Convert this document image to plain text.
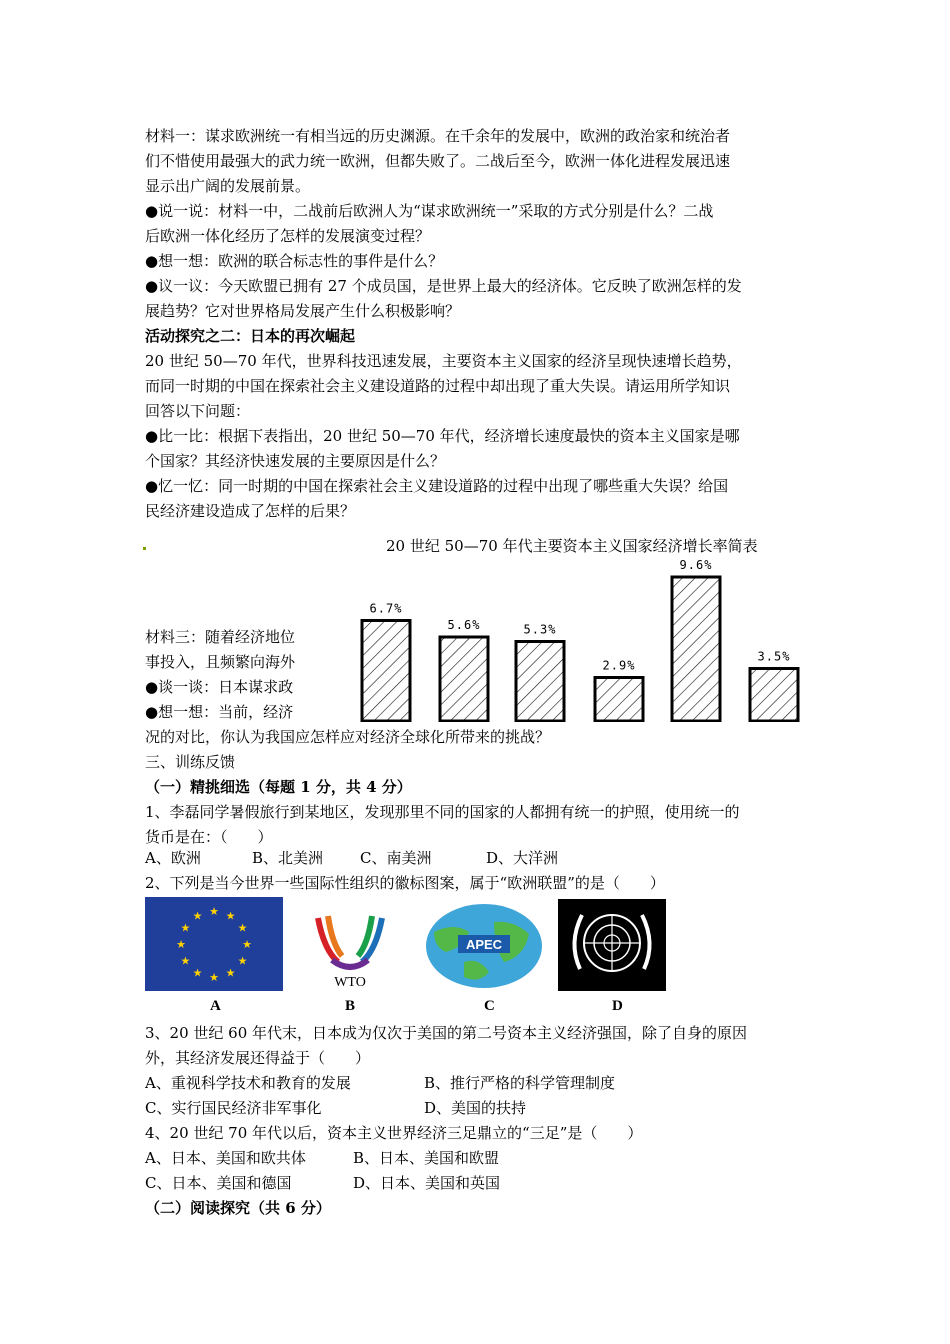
材料一：谋求欧洲统一有相当远的历史渊源。在千余年的发展中，欧洲的政治家和统治者
们不惜使用最强大的武力统一欧洲，但都失败了。二战后至今，欧洲一体化进程发展迅速
显示出广阔的发展前景。
●说一说：材料一中，二战前后欧洲人为“谋求欧洲统一”采取的方式分别是什么？二战
后欧洲一体化经历了怎样的发展演变过程？
●想一想：欧洲的联合标志性的事件是什么？
●议一议：今天欧盟已拥有 27 个成员国，是世界上最大的经济体。它反映了欧洲怎样的发
展趋势？它对世界格局发展产生什么积极影响？
活动探究之二：日本的再次崛起
20 世纪 50—70 年代，世界科技迅速发展，主要资本主义国家的经济呈现快速增长趋势，
而同一时期的中国在探索社会主义建设道路的过程中却出现了重大失误。请运用所学知识
回答以下问题：
●比一比：根据下表指出，20 世纪 50—70 年代，经济增长速度最快的资本主义国家是哪
个国家？其经济快速发展的主要原因是什么？
●忆一忆：同一时期的中国在探索社会主义建设道路的过程中出现了哪些重大失误？给国
民经济建设造成了怎样的后果？
材料三：随着经济地位
事投入，且频繁向海外
●谈一谈：日本谋求政
●想一想：当前，经济
20 世纪 50—70 年代主要资本主义国家经济增长率简表
6.7%
5.6%	5.3%
2.9%
9.6%
3.5%
况的对比，你认为我国应怎样应对经济全球化所带来的挑战？
三、训练反馈
（一）精挑细选（每题 1 分，共 4 分）
1、李磊同学暑假旅行到某地区，发现那里不同的国家的人都拥有统一的护照，使用统一的
货币是在：（　　）
A、欧洲	B、北美洲 C、南美洲	D、大洋洲
2、下列是当今世界一些国际性组织的徽标图案，属于“欧洲联盟”的是（　　）
★ ★
★
★
★
★
★
★
★
★
★
★
WTO
APEC
A	B	C	D
3、20 世纪 60 年代末，日本成为仅次于美国的第二号资本主义经济强国，除了自身的原因
外，其经济发展还得益于（　　）
A、重视科学技术和教育的发展	B、推行严格的科学管理制度
C、实行国民经济非军事化	D、美国的扶持
4、20 世纪 70 年代以后，资本主义世界经济三足鼎立的“三足”是（　　）
A、日本、美国和欧共体	B、日本、美国和欧盟
C、日本、美国和德国	D、日本、美国和英国
（二）阅读探究（共 6 分）
